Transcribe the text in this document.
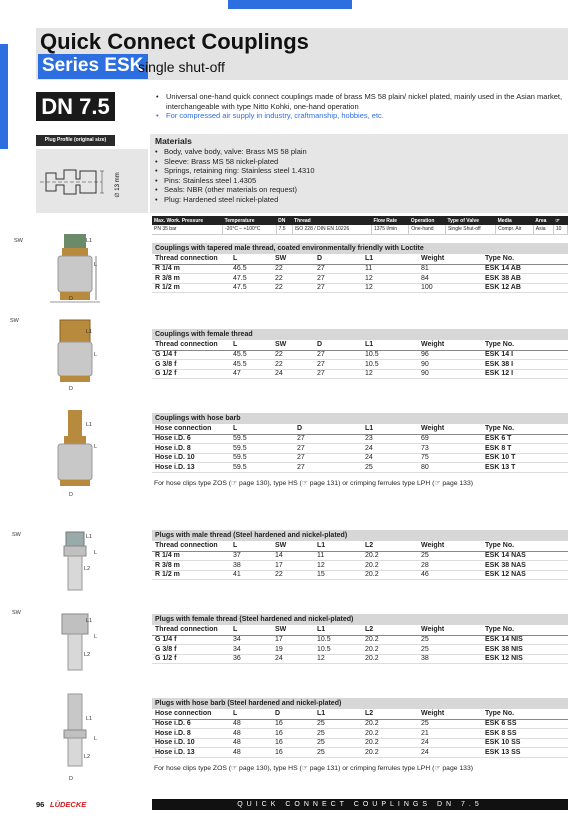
Quick Connect Couplings
Series ESK
single shut-off
DN 7.5	• Universal one-hand quick connect couplings made of brass MS 58 plain/ nickel plated, mainly used in the Asian market, interchangeable with type Nitto Kohki, one-hand operation
• For compressed air supply in industry, craftmanship, hobbies, etc.
Plug Profile (original size)
∅ 13 mm
Materials
• Body, valve body, valve: Brass MS 58 plain
• Sleeve: Brass MS 58 nickel-plated
• Springs, retaining ring: Stainless steel 1.4310
• Pins: Stainless steel 1.4305
• Seals: NBR (other materials on request)
• Plug: Hardened steel nickel-plated
Max. Work. Pressure	Temperature	DN	Thread	Flow Rate	Operation	Type of Valve	Media	Area	☞
PN 35 bar	-20°C – +100°C	7.5	ISO 228 / DIN EN 10226	1375 l/min	One-hand	Single Shut-off	Compr. Air	Asia	10
Couplings with tapered male thread, coated environmentally friendly with Loctite						
Thread connection	L	SW	D	L1	Weight	Type No.
R 1/4 m	46.5	22	27	11	81	ESK 14 AB
R 3/8 m	47.5	22	27	12	84	ESK 38 AB
R 1/2 m	47.5	22	27	12	100	ESK 12 AB
Couplings with female thread						
Thread connection	L	SW	D	L1	Weight	Type No.
G 1/4 f	45.5	22	27	10.5	96	ESK 14 I
G 3/8 f	45.5	22	27	10.5	90	ESK 38 I
G 1/2 f	47	24	27	12	90	ESK 12 I
Couplings with hose barb					
Hose connection	L	D	L1	Weight	Type No.
Hose i.D. 6	59.5	27	23	69	ESK 6 T
Hose i.D. 8	59.5	27	24	73	ESK 8 T
Hose i.D. 10	59.5	27	24	75	ESK 10 T
Hose i.D. 13	59.5	27	25	80	ESK 13 T
For hose clips type ZOS (☞ page 130), type HS (☞ page 131) or crimping ferrules type LPH (☞ page 133)
Plugs with male thread (Steel hardened and nickel-plated)						
Thread connection	L	SW	L1	L2	Weight	Type No.
R 1/4 m	37	14	11	20.2	25	ESK 14 NAS
R 3/8 m	38	17	12	20.2	28	ESK 38 NAS
R 1/2 m	41	22	15	20.2	46	ESK 12 NAS
Plugs with female thread (Steel hardened and nickel-plated)						
Thread connection	L	SW	L1	L2	Weight	Type No.
G 1/4 f	34	17	10.5	20.2	25	ESK 14 NIS
G 3/8 f	34	19	10.5	20.2	25	ESK 38 NIS
G 1/2 f	36	24	12	20.2	38	ESK 12 NIS
Plugs with hose barb (Steel hardened and nickel-plated)						
Hose connection	L	D	L1	L2	Weight	Type No.
Hose i.D. 6	48	16	25	20.2	25	ESK 6 SS
Hose i.D. 8	48	16	25	20.2	21	ESK 8 SS
Hose i.D. 10	48	16	25	20.2	24	ESK 10 SS
Hose i.D. 13	48	16	25	20.2	24	ESK 13 SS
For hose clips type ZOS (☞ page 130), type HS (☞ page 131) or crimping ferrules type LPH (☞ page 133)
SW	L1
L
D
SW
L1
L
D
L1
L
D
SW	L1
L
L2
SW
L1
L
L2
L1
L
L2
D
96 LÜDECKE	QUICK CONNECT COUPLINGS DN 7.5
